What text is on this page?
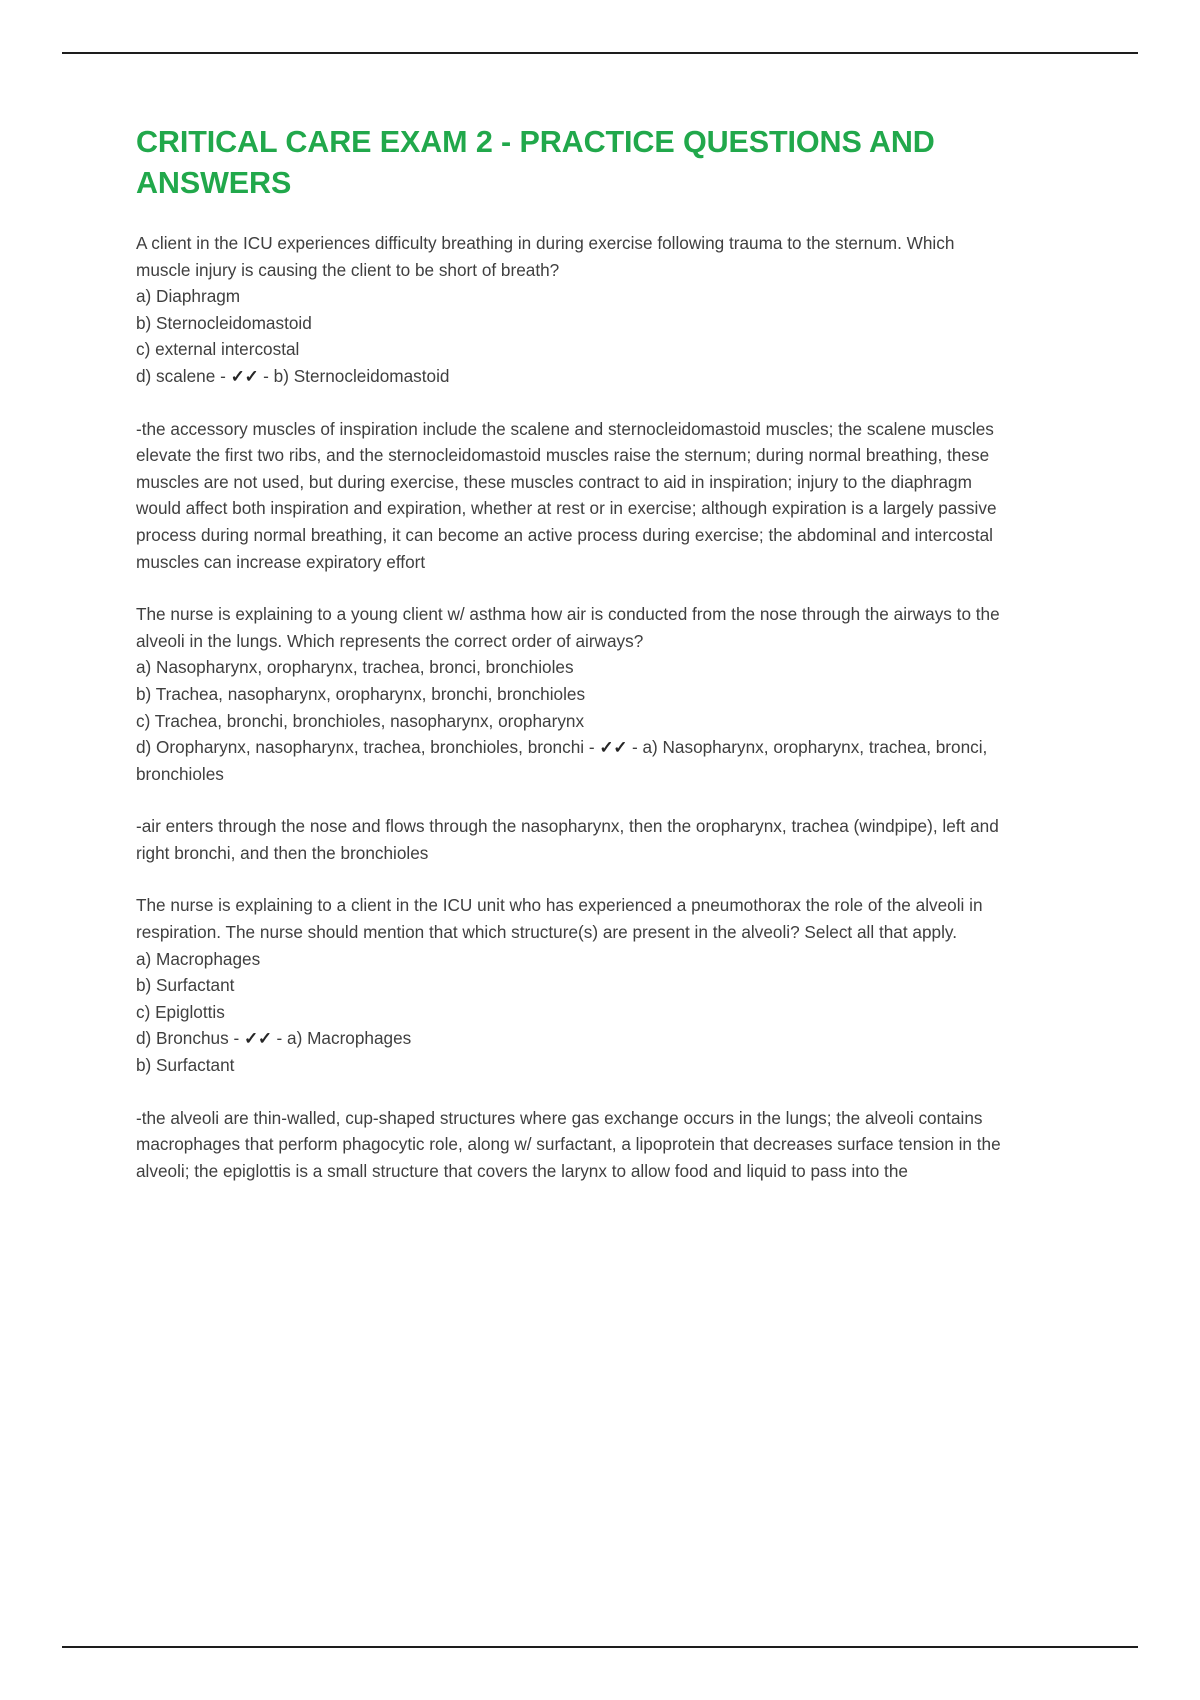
CRITICAL CARE EXAM 2 - PRACTICE QUESTIONS AND ANSWERS
A client in the ICU experiences difficulty breathing in during exercise following trauma to the sternum. Which muscle injury is causing the client to be short of breath?
a) Diaphragm
b) Sternocleidomastoid
c) external intercostal
d) scalene - ✓✓ - b) Sternocleidomastoid
-the accessory muscles of inspiration include the scalene and sternocleidomastoid muscles; the scalene muscles elevate the first two ribs, and the sternocleidomastoid muscles raise the sternum; during normal breathing, these muscles are not used, but during exercise, these muscles contract to aid in inspiration; injury to the diaphragm would affect both inspiration and expiration, whether at rest or in exercise; although expiration is a largely passive process during normal breathing, it can become an active process during exercise; the abdominal and intercostal muscles can increase expiratory effort
The nurse is explaining to a young client w/ asthma how air is conducted from the nose through the airways to the alveoli in the lungs. Which represents the correct order of airways?
a) Nasopharynx, oropharynx, trachea, bronci, bronchioles
b) Trachea, nasopharynx, oropharynx, bronchi, bronchioles
c) Trachea, bronchi, bronchioles, nasopharynx, oropharynx
d) Oropharynx, nasopharynx, trachea, bronchioles, bronchi - ✓✓ - a) Nasopharynx, oropharynx, trachea, bronci, bronchioles
-air enters through the nose and flows through the nasopharynx, then the oropharynx, trachea (windpipe), left and right bronchi, and then the bronchioles
The nurse is explaining to a client in the ICU unit who has experienced a pneumothorax the role of the alveoli in respiration. The nurse should mention that which structure(s) are present in the alveoli? Select all that apply.
a) Macrophages
b) Surfactant
c) Epiglottis
d) Bronchus - ✓✓ - a) Macrophages
b) Surfactant
-the alveoli are thin-walled, cup-shaped structures where gas exchange occurs in the lungs; the alveoli contains macrophages that perform phagocytic role, along w/ surfactant, a lipoprotein that decreases surface tension in the alveoli; the epiglottis is a small structure that covers the larynx to allow food and liquid to pass into the
